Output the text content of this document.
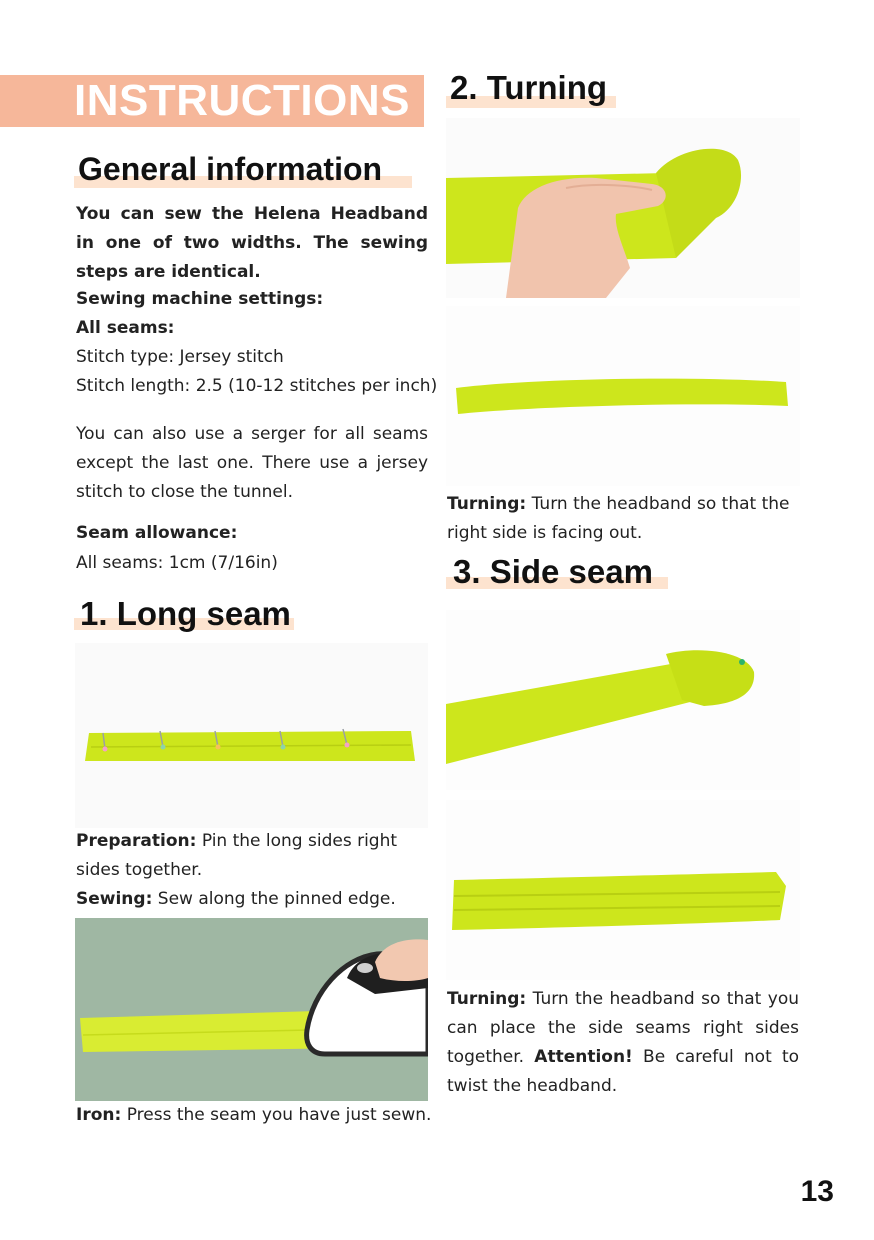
INSTRUCTIONS
General information

You can sew the Helena Headband in one of two widths. The sewing steps are identical.

Sewing machine settings:
All seams:
Stitch type: Jersey stitch
Stitch length: 2.5 (10-12 stitches per inch)

You can also use a serger for all seams except the last one. There use a jersey stitch to close the tunnel.

Seam allowance:
All seams: 1cm (7/16in)
1. Long seam

Preparation: Pin the long sides right sides together.

Sewing: Sew along the pinned edge.

Iron: Press the seam you have just sewn.

2. Turning

Turning: Turn the headband so that the right side is facing out.

3. Side seam

Turning: Turn the headband so that you can place the side seams right sides together. Attention! Be careful not to twist the headband.

13
